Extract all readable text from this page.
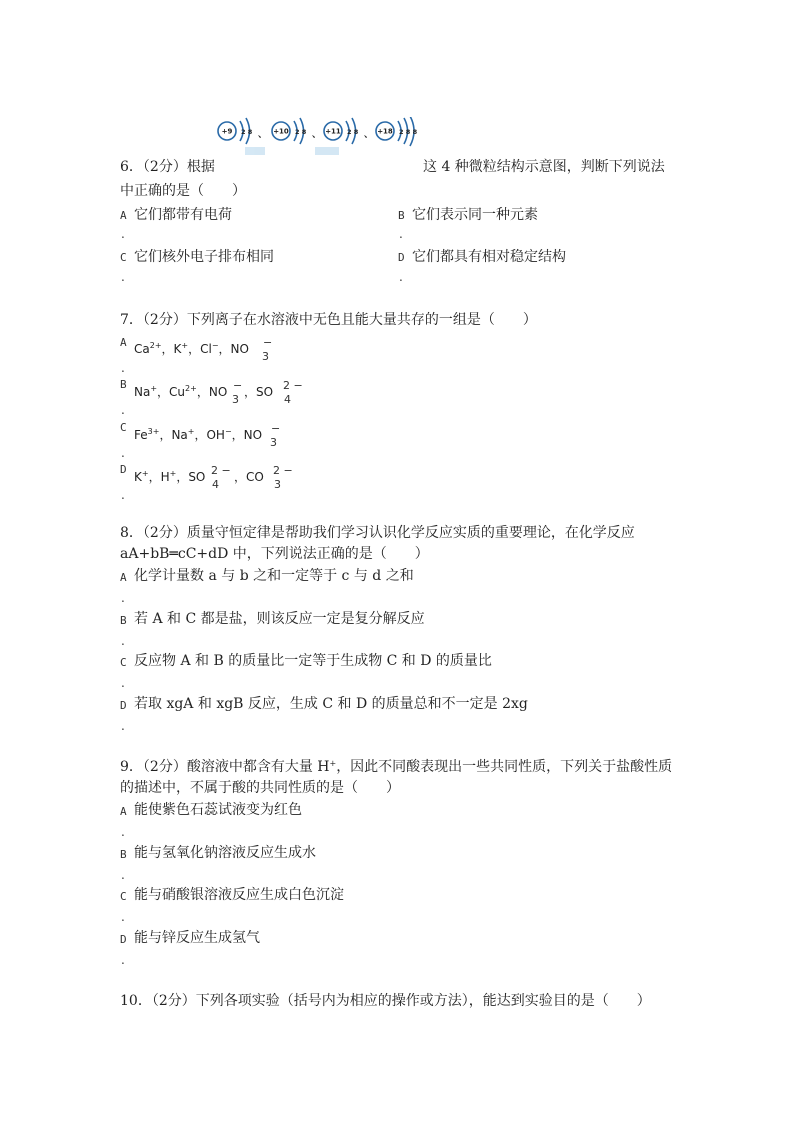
+9	+10	+11	+18
2 8	2 8	2 8	2 8 8
、	、	、
6．（2分）根据	这 4 种微粒结构示意图，判断下列说法
中正确的是（　　）
A 它们都带有电荷
.
B 它们表示同一种元素
.
C 它们核外电子排布相同
.
D 它们都具有相对稳定结构
.
7．（2分）下列离子在水溶液中无色且能大量共存的一组是（　　）
A $Ca^{2+}$，K+，Cl−，NO −
3
.
B
Na+，$Cu^{2+}$，NO −
3
，SO 2 −
4
.
C
$Fe^{3+}$，Na+，OH−，NO −
3
.
D
K+，H+，SO 2 −
4
，CO 2 −
3
.
8．（2分）质量守恒定律是帮助我们学习认识化学反应实质的重要理论，在化学反应
aA+bB═cC+dD 中，下列说法正确的是（　　）
A 化学计量数 a 与 b 之和一定等于 c 与 d 之和
.
B 若 A 和 C 都是盐，则该反应一定是复分解反应
.
C 反应物 A 和 B 的质量比一定等于生成物 C 和 D 的质量比
.
D 若取 xgA 和 xgB 反应，生成 C 和 D 的质量总和不一定是 2xg
.
9．（2分）酸溶液中都含有大量 H+，因此不同酸表现出一些共同性质，下列关于盐酸性质
的描述中，不属于酸的共同性质的是（　　）
A 能使紫色石蕊试液变为红色
.
B 能与氢氧化钠溶液反应生成水
.
C 能与硝酸银溶液反应生成白色沉淀
.
D 能与锌反应生成氢气
.
10．（2分）下列各项实验（括号内为相应的操作或方法），能达到实验目的是（　　）
